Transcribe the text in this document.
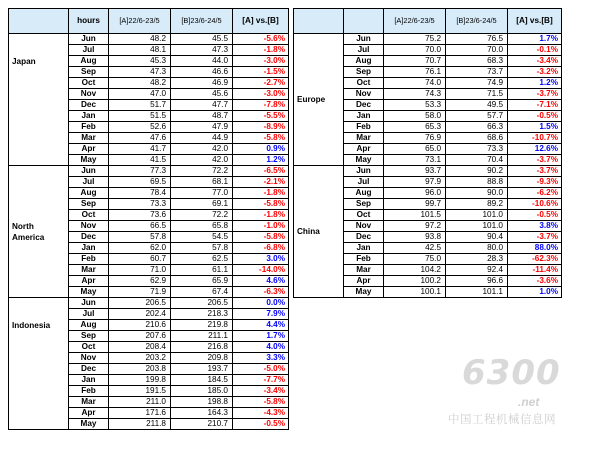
	hours	[A]22/6-23/5	[B]23/6-24/5	[A] vs.[B]
Japan	Jun	48.2	45.5	-5.6%
	Jul	48.1	47.3	-1.8%
	Aug	45.3	44.0	-3.0%
	Sep	47.3	46.6	-1.5%
	Oct	48.2	46.9	-2.7%
	Nov	47.0	45.6	-3.0%
	Dec	51.7	47.7	-7.8%
	Jan	51.5	48.7	-5.5%
	Feb	52.6	47.9	-8.9%
	Mar	47.6	44.9	-5.8%
	Apr	41.7	42.0	0.9%
	May	41.5	42.0	1.2%
North America	Jun	77.3	72.2	-6.5%
	Jul	69.5	68.1	-2.1%
	Aug	78.4	77.0	-1.8%
	Sep	73.3	69.1	-5.8%
	Oct	73.6	72.2	-1.8%
	Nov	66.5	65.8	-1.0%
	Dec	57.8	54.5	-5.8%
	Jan	62.0	57.8	-6.8%
	Feb	60.7	62.5	3.0%
	Mar	71.0	61.1	-14.0%
	Apr	62.9	65.9	4.6%
	May	71.9	67.4	-6.3%
Indonesia	Jun	206.5	206.5	0.0%
	Jul	202.4	218.3	7.9%
	Aug	210.6	219.8	4.4%
	Sep	207.6	211.1	1.7%
	Oct	208.4	216.8	4.0%
	Nov	203.2	209.8	3.3%
	Dec	203.8	193.7	-5.0%
	Jan	199.8	184.5	-7.7%
	Feb	191.5	185.0	-3.4%
	Mar	211.0	198.8	-5.8%
	Apr	171.6	164.3	-4.3%
	May	211.8	210.7	-0.5%
		[A]22/6-23/5	[B]23/6-24/5	[A] vs.[B]
Europe	Jun	75.2	76.5	1.7%
	Jul	70.0	70.0	-0.1%
	Aug	70.7	68.3	-3.4%
	Sep	76.1	73.7	-3.2%
	Oct	74.0	74.9	1.2%
	Nov	74.3	71.5	-3.7%
	Dec	53.3	49.5	-7.1%
	Jan	58.0	57.7	-0.5%
	Feb	65.3	66.3	1.5%
	Mar	76.9	68.6	-10.7%
	Apr	65.0	73.3	12.6%
	May	73.1	70.4	-3.7%
China	Jun	93.7	90.2	-3.7%
	Jul	97.9	88.8	-9.3%
	Aug	96.0	90.0	-6.2%
	Sep	99.7	89.2	-10.6%
	Oct	101.5	101.0	-0.5%
	Nov	97.2	101.0	3.8%
	Dec	93.8	90.4	-3.7%
	Jan	42.5	80.0	88.0%
	Feb	75.0	28.3	-62.3%
	Mar	104.2	92.4	-11.4%
	Apr	100.2	96.6	-3.6%
	May	100.1	101.1	1.0%
6300
.net
中国工程机械信息网
